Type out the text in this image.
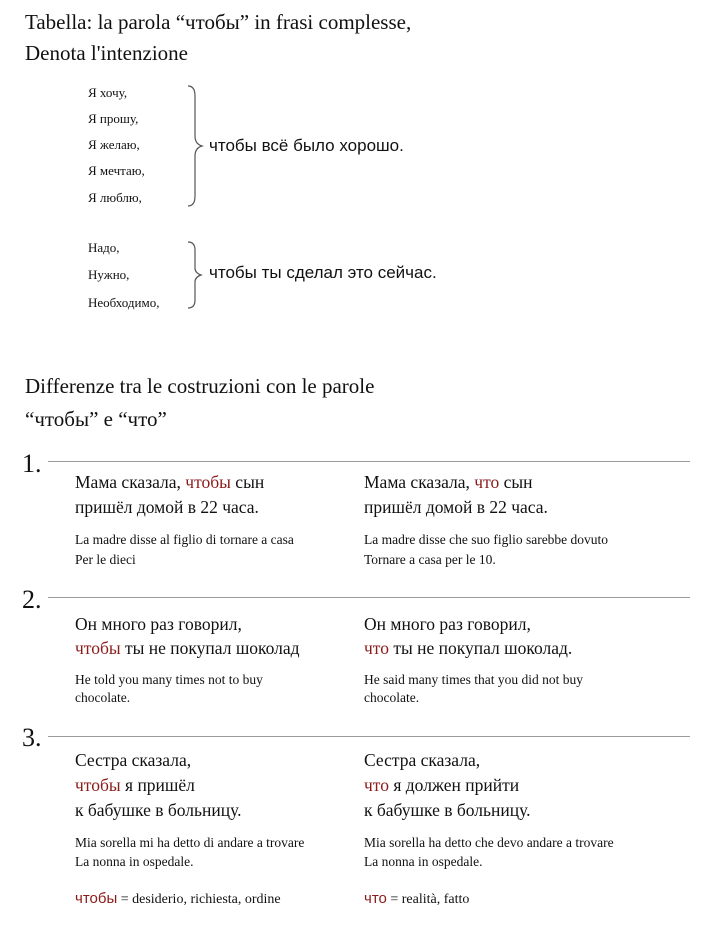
Tabella: la parola “чтобы” in frasi complesse,
Denota l'intenzione
Я хочу,
Я прошу,
Я желаю,
Я мечтаю,
Я люблю,
чтобы всё было хорошо.
Надо,
Нужно,
Необходимо,
чтобы ты сделал это сейчас.
Differenze tra le costruzioni con le parole
“чтобы” е “что”
1.
Мама сказала, чтобы сын
пришёл домой в 22 часа.
La madre disse al figlio di tornare a casa
Per le dieci
Мама сказала, что сын
пришёл домой в 22 часа.
La madre disse che suo figlio sarebbe dovuto
Tornare a casa per le 10.
2.
Он много раз говорил,
чтобы ты не покупал шоколад
He told you many times not to buy
chocolate.
Он много раз говорил,
что ты не покупал шоколад.
He said many times that you did not buy
chocolate.
3.
Сестра сказала,
чтобы я пришёл
к бабушке в больницу.
Mia sorella mi ha detto di andare a trovare
La nonna in ospedale.
Сестра сказала,
что я должен прийти
к бабушке в больницу.
Mia sorella ha detto che devo andare a trovare
La nonna in ospedale.
чтобы = desiderio, richiesta, ordine	что = realità, fatto
